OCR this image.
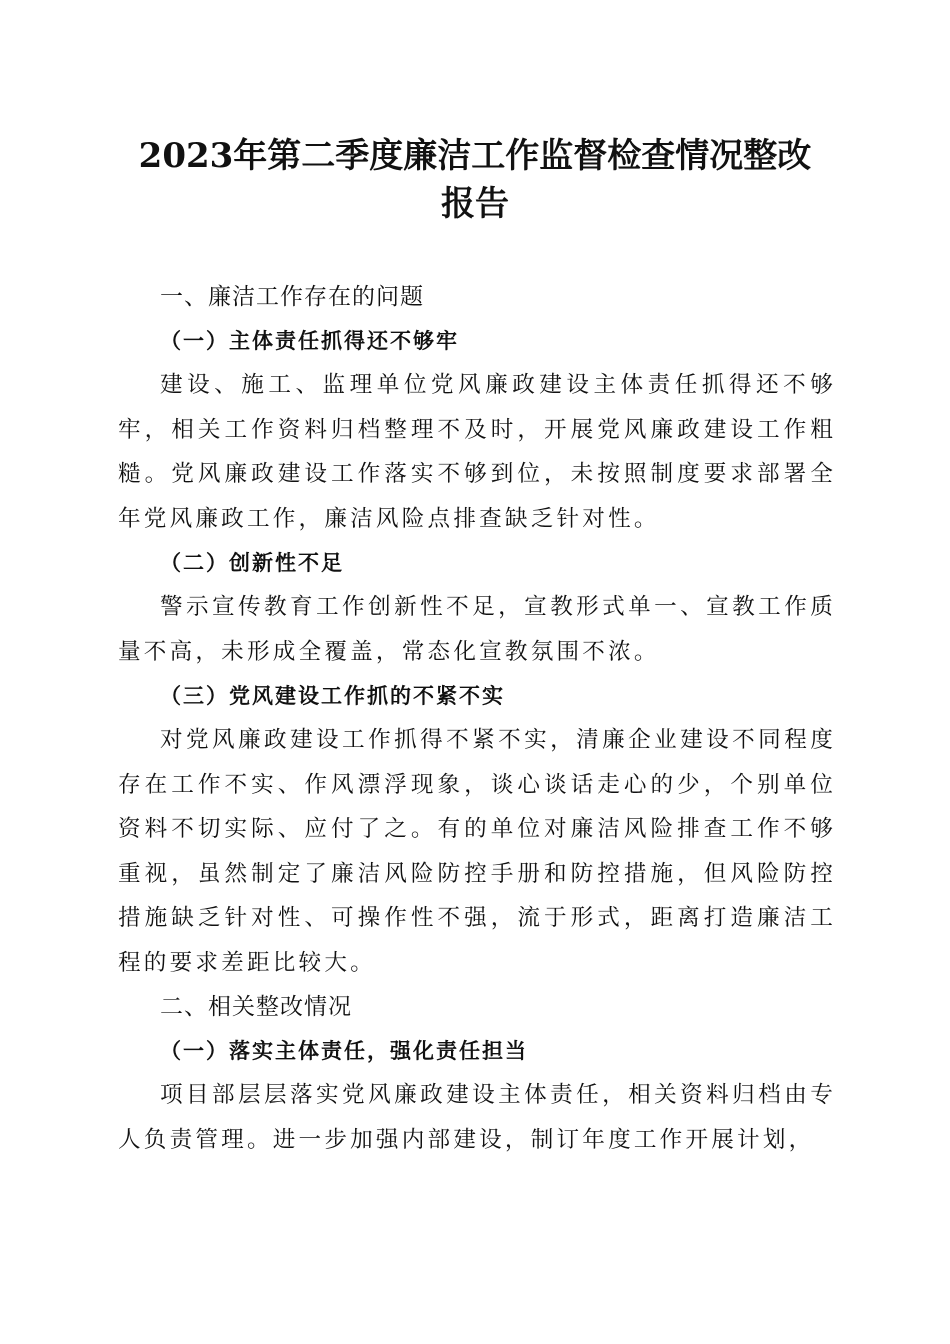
2023年第二季度廉洁工作监督检查情况整改
报告
一、廉洁工作存在的问题
（一）主体责任抓得还不够牢

建设、施工、监理单位党风廉政建设主体责任抓得还不够牢，相关工作资料归档整理不及时，开展党风廉政建设工作粗糙。党风廉政建设工作落实不够到位，未按照制度要求部署全年党风廉政工作，廉洁风险点排查缺乏针对性。

（二）创新性不足

警示宣传教育工作创新性不足，宣教形式单一、宣教工作质量不高，未形成全覆盖，常态化宣教氛围不浓。

（三）党风建设工作抓的不紧不实

对党风廉政建设工作抓得不紧不实，清廉企业建设不同程度存在工作不实、作风漂浮现象，谈心谈话走心的少，个别单位资料不切实际、应付了之。有的单位对廉洁风险排查工作不够重视，虽然制定了廉洁风险防控手册和防控措施，但风险防控措施缺乏针对性、可操作性不强，流于形式，距离打造廉洁工程的要求差距比较大。

二、相关整改情况
（一）落实主体责任，强化责任担当

项目部层层落实党风廉政建设主体责任，相关资料归档由专人负责管理。进一步加强内部建设，制订年度工作开展计划，
